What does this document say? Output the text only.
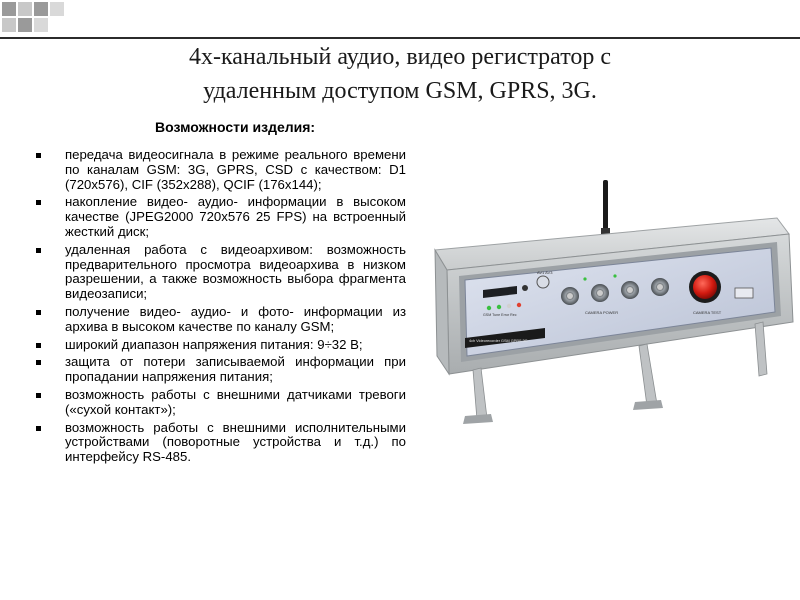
4х-канальный аудио, видео регистратор с
удаленным доступом GSM, GPRS, 3G.
Возможности изделия:
передача видеосигнала в режиме реального времени по каналам GSM: 3G, GPRS, CSD с качеством: D1 (720x576), CIF (352x288), QCIF (176x144);
накопление видео- аудио- информации в высоком качестве (JPEG2000 720x576 25 FPS) на встроенный жесткий диск;
удаленная работа с видеоархивом: возможность предварительного просмотра видеоархива в низком разрешении, а также возможность выбора фрагмента видеозаписи;
получение видео- аудио- и фото- информации из архива в высоком качестве по каналу GSM;
широкий диапазон напряжения питания: 9÷32 В;
защита от потери записываемой информации при пропадании напряжения питания;
возможность работы с внешними датчиками тревоги («сухой контакт»);
возможность работы с внешними исполнительными устройствами (поворотные устройства и т.д.) по интерфейсу RS-485.
GSM Tune Error Rec
AV1 AV3
CAMERA POWER	CAMERA TEST
4ch Videorecorder GSM GPRS 3G
